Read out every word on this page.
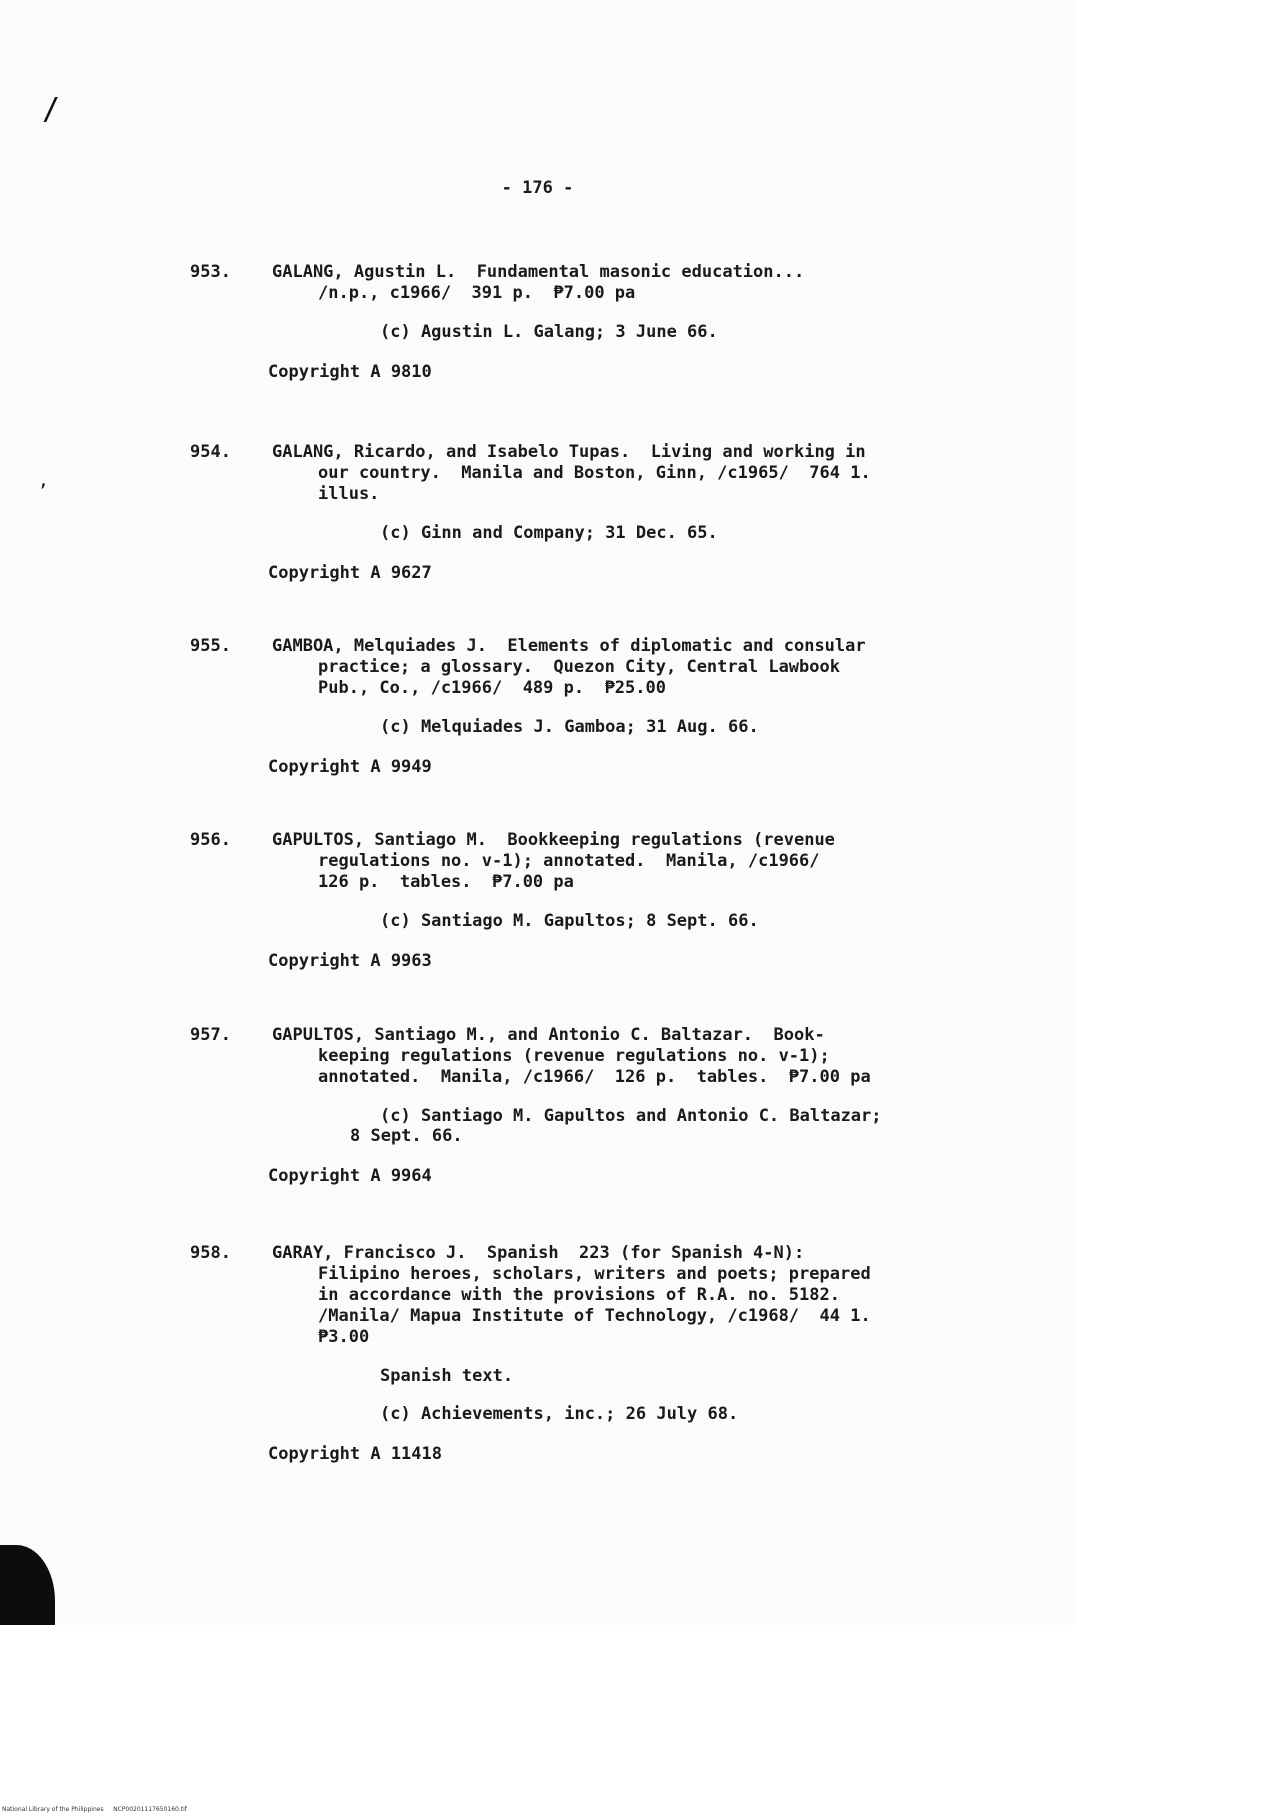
/
,
- 176 -
953.	GALANG, Agustin L.  Fundamental masonic education...
/n.p., c1966/  391 p.  ₱7.00 pa
(c) Agustin L. Galang; 3 June 66.
Copyright A 9810
954.	GALANG, Ricardo, and Isabelo Tupas.  Living and working in
our country.  Manila and Boston, Ginn, /c1965/  764 1.
illus.
(c) Ginn and Company; 31 Dec. 65.
Copyright A 9627
955.	GAMBOA, Melquiades J.  Elements of diplomatic and consular
practice; a glossary.  Quezon City, Central Lawbook
Pub., Co., /c1966/  489 p.  ₱25.00
(c) Melquiades J. Gamboa; 31 Aug. 66.
Copyright A 9949
956.	GAPULTOS, Santiago M.  Bookkeeping regulations (revenue
regulations no. v-1); annotated.  Manila, /c1966/
126 p.  tables.  ₱7.00 pa
(c) Santiago M. Gapultos; 8 Sept. 66.
Copyright A 9963
957.	GAPULTOS, Santiago M., and Antonio C. Baltazar.  Book-
keeping regulations (revenue regulations no. v-1);
annotated.  Manila, /c1966/  126 p.  tables.  ₱7.00 pa
(c) Santiago M. Gapultos and Antonio C. Baltazar;
8 Sept. 66.
Copyright A 9964
958.	GARAY, Francisco J.  Spanish  223 (for Spanish 4-N):
Filipino heroes, scholars, writers and poets; prepared
in accordance with the provisions of R.A. no. 5182.
/Manila/ Mapua Institute of Technology, /c1968/  44 1.
₱3.00
Spanish text.
(c) Achievements, inc.; 26 July 68.
Copyright A 11418
National Library of the Philippines     NCP00201117650160.tif
